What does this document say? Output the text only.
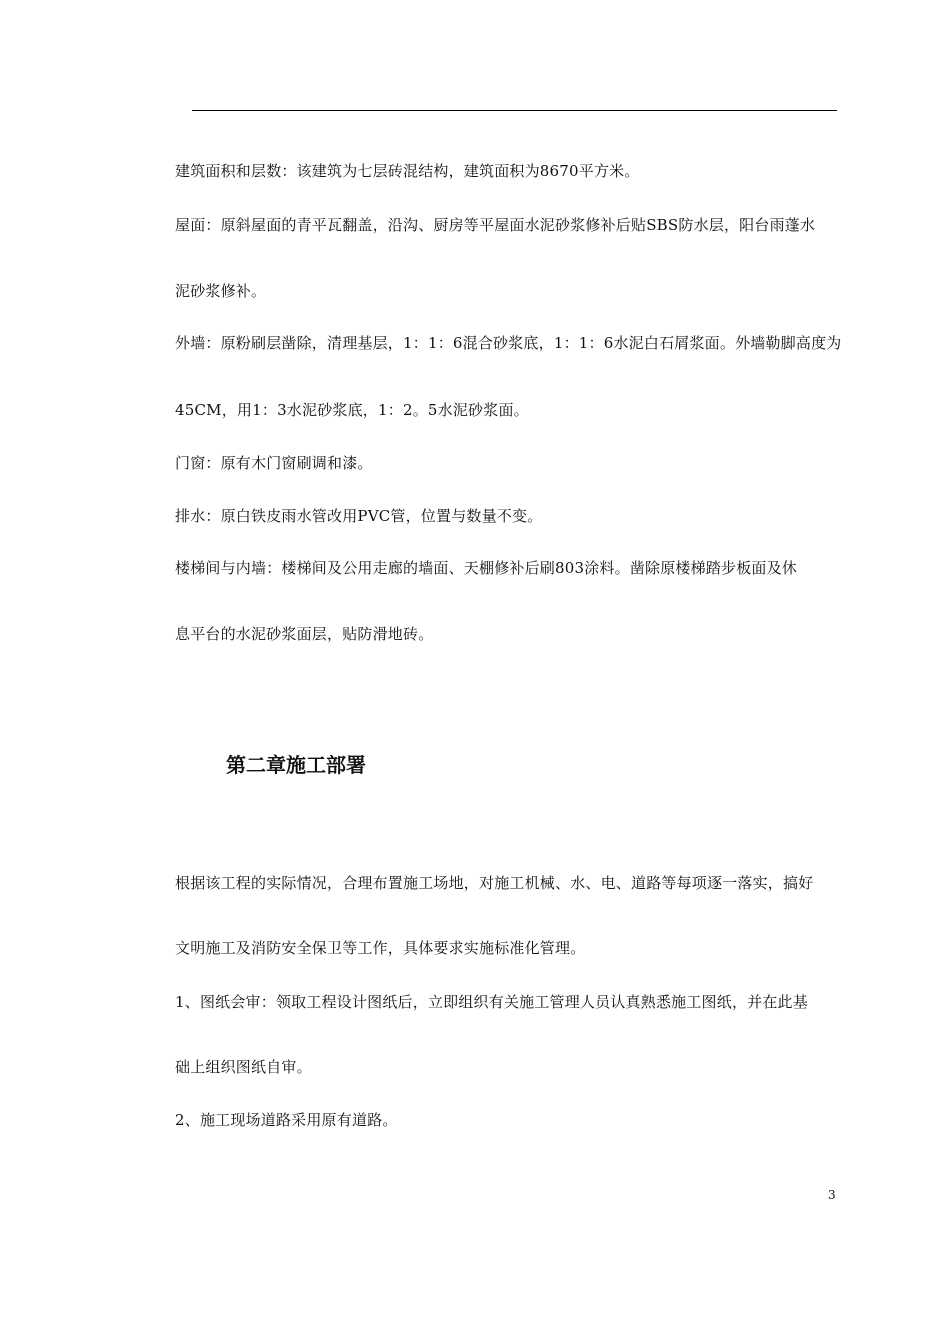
建筑面积和层数：该建筑为七层砖混结构，建筑面积为8670平方米。
屋面：原斜屋面的青平瓦翻盖，沿沟、厨房等平屋面水泥砂浆修补后贴SBS防水层，阳台雨蓬水
泥砂浆修补。
外墙：原粉刷层凿除，清理基层，1：1：6混合砂浆底，1：1：6水泥白石屑浆面。外墙勒脚高度为
45CM，用1：3水泥砂浆底，1：2。5水泥砂浆面。
门窗：原有木门窗刷调和漆。
排水：原白铁皮雨水管改用PVC管，位置与数量不变。
楼梯间与内墙：楼梯间及公用走廊的墙面、天棚修补后刷803涂料。凿除原楼梯踏步板面及休
息平台的水泥砂浆面层，贴防滑地砖。
第二章施工部署
根据该工程的实际情况，合理布置施工场地，对施工机械、水、电、道路等每项逐一落实，搞好
文明施工及消防安全保卫等工作，具体要求实施标准化管理。
1、图纸会审：领取工程设计图纸后，立即组织有关施工管理人员认真熟悉施工图纸，并在此基
础上组织图纸自审。
2、施工现场道路采用原有道路。
3
